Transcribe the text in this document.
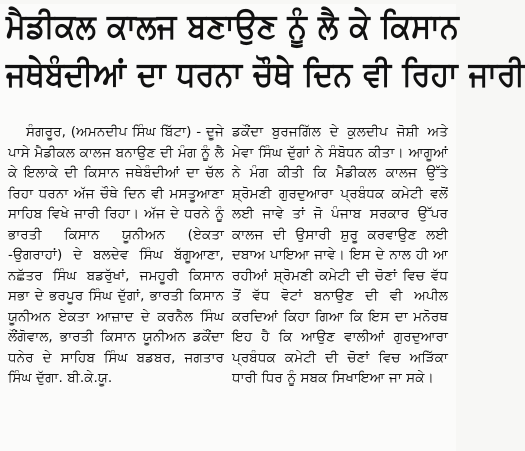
ਮੈਡੀਕਲ ਕਾਲਜ ਬਣਾਉਣ ਨੂੰ ਲੈ ਕੇ ਕਿਸਾਨ
ਜਥੇਬੰਦੀਆਂ ਦਾ ਧਰਨਾ ਚੌਥੇ ਦਿਨ ਵੀ ਰਿਹਾ ਜਾਰੀ

ਸੰਗਰੂਰ, (ਅਮਨਦੀਪ ਸਿੰਘ ਬਿੱਟਾ) - ਦੂਜੇ ਪਾਸੇ ਮੈਡੀਕਲ ਕਾਲਜ ਬਨਾਉਣ ਦੀ ਮੰਗ ਨੂੰ ਲੈ ਕੇ ਇਲਾਕੇ ਦੀ ਕਿਸਾਨ ਜਥੇਬੰਦੀਆਂ ਦਾ ਚੱਲ ਰਿਹਾ ਧਰਨਾ ਅੱਜ ਚੌਥੇ ਦਿਨ ਵੀ ਮਸਤੂਆਣਾ ਸਾਹਿਬ ਵਿਖੇ ਜਾਰੀ ਰਿਹਾ। ਅੱਜ ਦੇ ਧਰਨੇ ਨੂੰ ਭਾਰਤੀ ਕਿਸਾਨ ਯੂਨੀਅਨ (ਏਕਤਾ -ਉਗਰਾਹਾਂ) ਦੇ ਬਲਦੇਵ ਸਿੰਘ ਬੱਗੂਆਣਾ, ਨਛੱਤਰ ਸਿੰਘ ਬਡਰੁੱਖਾਂ, ਜਮਹੂਰੀ ਕਿਸਾਨ ਸਭਾ ਦੇ ਭਰਪੂਰ ਸਿੰਘ ਦੁੱਗਾਂ, ਭਾਰਤੀ ਕਿਸਾਨ ਯੂਨੀਅਨ ਏਕਤਾ ਆਜ਼ਾਦ ਦੇ ਕਰਨੈਲ ਸਿੰਘ ਲੌਂਗੋਵਾਲ, ਭਾਰਤੀ ਕਿਸਾਨ ਯੂਨੀਅਨ ਡਕੌਂਦਾ ਧਨੇਰ ਦੇ ਸਾਹਿਬ ਸਿੰਘ ਬਡਬਰ, ਜਗਤਾਰ ਸਿੰਘ ਦੁੱਗਾ. ਬੀ.ਕੇ.ਯੂ.

ਡਕੌਂਦਾ ਬੁਰਜਗਿੱਲ ਦੇ ਕੁਲਦੀਪ ਜੋਸ਼ੀ ਅਤੇ ਮੇਵਾ ਸਿੰਘ ਦੁੱਗਾਂ ਨੇ ਸੰਬੋਧਨ ਕੀਤਾ। ਆਗੂਆਂ ਨੇ ਮੰਗ ਕੀਤੀ ਕਿ ਮੈਡੀਕਲ ਕਾਲਜ ਉੱਤੇ ਸ਼੍ਰੋਮਣੀ ਗੁਰਦੁਆਰਾ ਪ੍ਰਬੰਧਕ ਕਮੇਟੀ ਵਲੋਂ ਲਈ ਜਾਵੇ ਤਾਂ ਜੋ ਪੰਜਾਬ ਸਰਕਾਰ ਉੱਪਰ ਕਾਲਜ ਦੀ ਉਸਾਰੀ ਸ਼ੁਰੂ ਕਰਵਾਉਣ ਲਈ ਦਬਾਅ ਪਾਇਆ ਜਾਵੇ। ਇਸ ਦੇ ਨਾਲ ਹੀ ਆ ਰਹੀਆਂ ਸ਼੍ਰੋਮਣੀ ਕਮੇਟੀ ਦੀ ਚੋਣਾਂ ਵਿਚ ਵੱਧ ਤੋਂ ਵੱਧ ਵੋਟਾਂ ਬਨਾਉਣ ਦੀ ਵੀ ਅਪੀਲ ਕਰਦਿਆਂ ਕਿਹਾ ਗਿਆ ਕਿ ਇਸ ਦਾ ਮਨੋਰਥ ਇਹ ਹੈ ਕਿ ਆਉਣ ਵਾਲੀਆਂ ਗੁਰਦੁਆਰਾ ਪ੍ਰਬੰਧਕ ਕਮੇਟੀ ਦੀ ਚੋਣਾਂ ਵਿਚ ਅੜਿੱਕਾ ਧਾਰੀ ਧਿਰ ਨੂੰ ਸਬਕ ਸਿਖਾਇਆ ਜਾ ਸਕੇ।
